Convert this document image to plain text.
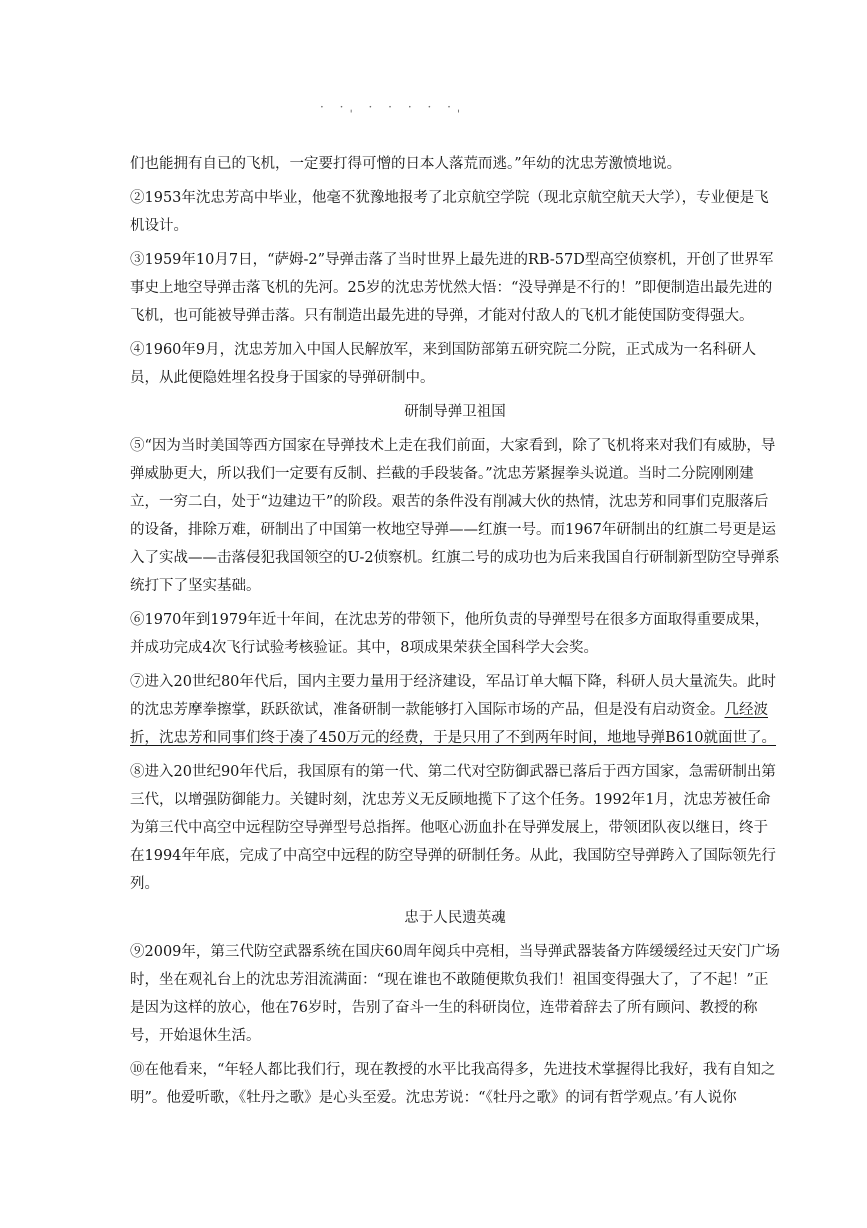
· ·ˌ · · · · ·ˌ

们也能拥有自已的飞机，一定要打得可憎的日本人落荒而逃。”年幼的沈忠芳激愤地说。

②1953年沈忠芳高中毕业，他毫不犹豫地报考了北京航空学院（现北京航空航天大学），专业便是飞机设计。

③1959年10月7日，“萨姆-2”导弹击落了当时世界上最先进的RB-57D型高空侦察机，开创了世界军事史上地空导弹击落飞机的先河。25岁的沈忠芳忧然大悟：“没导弹是不行的！”即便制造出最先进的飞机，也可能被导弹击落。只有制造出最先进的导弹，才能对付敌人的飞机才能使国防变得强大。

④1960年9月，沈忠芳加入中国人民解放军，来到国防部第五研究院二分院，正式成为一名科研人员，从此便隐姓埋名投身于国家的导弹研制中。

研制导弹卫祖国

⑤“因为当时美国等西方国家在导弹技术上走在我们前面，大家看到，除了飞机将来对我们有威胁，导弹威胁更大，所以我们一定要有反制、拦截的手段装备。”沈忠芳紧握拳头说道。当时二分院刚刚建立，一穷二白，处于“边建边干”的阶段。艰苦的条件没有削减大伙的热情，沈忠芳和同事们克服落后的设备，排除万难，研制出了中国第一枚地空导弹——红旗一号。而1967年研制出的红旗二号更是运入了实战——击落侵犯我国领空的U-2侦察机。红旗二号的成功也为后来我国自行研制新型防空导弹系统打下了坚实基础。

⑥1970年到1979年近十年间，在沈忠芳的带领下，他所负责的导弹型号在很多方面取得重要成果，并成功完成4次飞行试验考核验证。其中，8项成果荣获全国科学大会奖。

⑦进入20世纪80年代后，国内主要力量用于经济建设，军品订单大幅下降，科研人员大量流失。此时的沈忠芳摩拳擦掌，跃跃欲试，准备研制一款能够打入国际市场的产品，但是没有启动资金。几经波折，沈忠芳和同事们终于凑了450万元的经费，于是只用了不到两年时间，地地导弹B610就面世了。

⑧进入20世纪90年代后，我国原有的第一代、第二代对空防御武器已落后于西方国家，急需研制出第三代，以增强防御能力。关键时刻，沈忠芳义无反顾地揽下了这个任务。1992年1月，沈忠芳被任命为第三代中高空中远程防空导弹型号总指挥。他呕心沥血扑在导弹发展上，带领团队夜以继日，终于在1994年年底，完成了中高空中远程的防空导弹的研制任务。从此，我国防空导弹跨入了国际领先行列。

忠于人民遗英魂

⑨2009年，第三代防空武器系统在国庆60周年阅兵中亮相，当导弹武器装备方阵缓缓经过天安门广场时，坐在观礼台上的沈忠芳泪流满面：“现在谁也不敢随便欺负我们！祖国变得强大了，了不起！”正是因为这样的放心，他在76岁时，告别了奋斗一生的科研岗位，连带着辞去了所有顾问、教授的称号，开始退休生活。

⑩在他看来，“年轻人都比我们行，现在教授的水平比我高得多，先进技术掌握得比我好，我有自知之明”。他爱听歌，《牡丹之歌》是心头至爱。沈忠芳说：“《牡丹之歌》的词有哲学观点。’有人说你
